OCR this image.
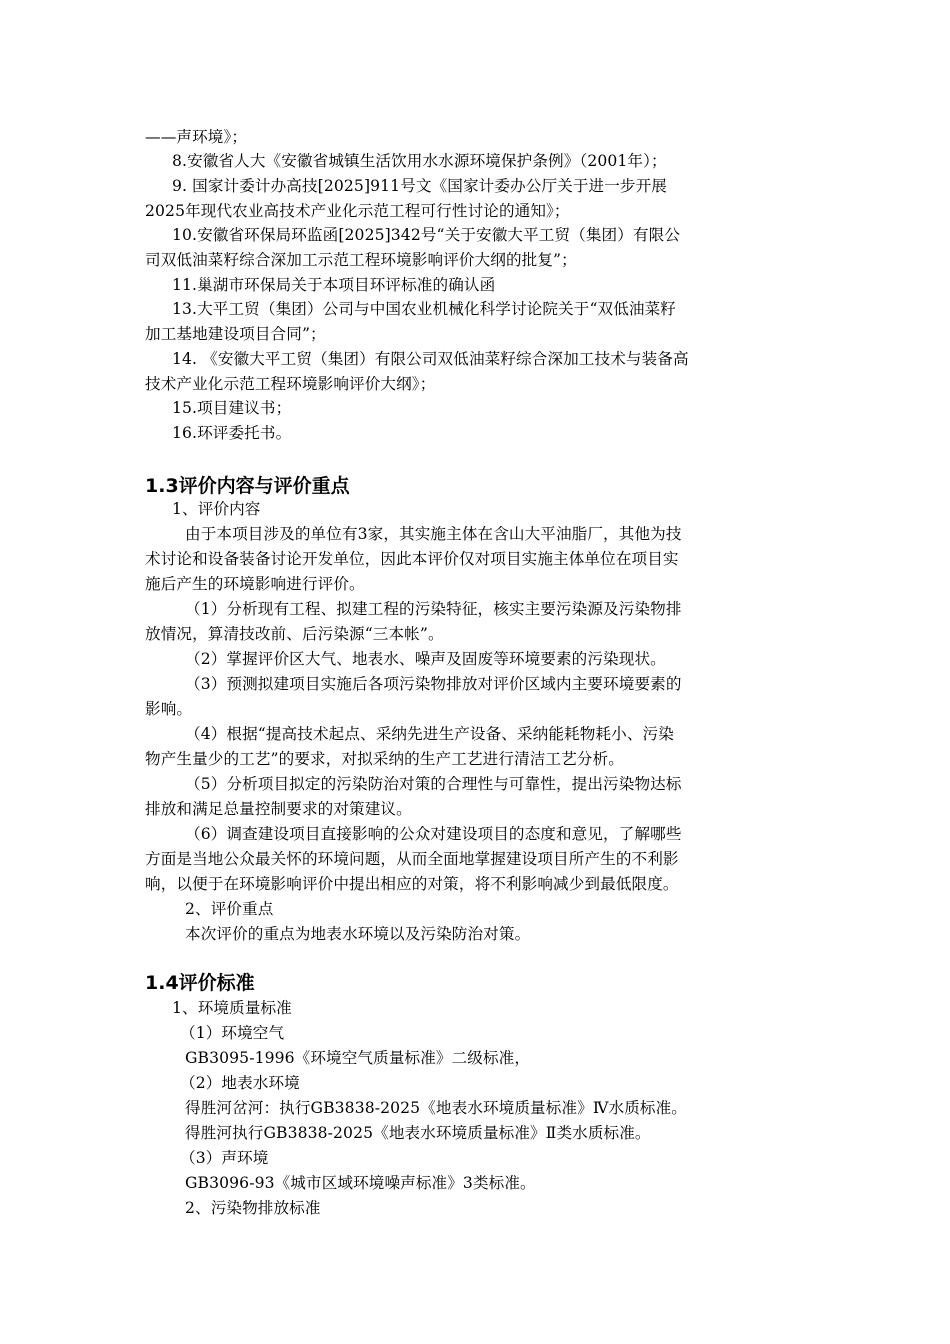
——声环境》；
8.安徽省人大《安徽省城镇生活饮用水水源环境保护条例》（2001年）；
9. 国家计委计办高技[2025]911号文《国家计委办公厅关于进一步开展
2025年现代农业高技术产业化示范工程可行性讨论的通知》；
10.安徽省环保局环监函[2025]342号“关于安徽大平工贸（集团）有限公
司双低油菜籽综合深加工示范工程环境影响评价大纲的批复”；
11.巢湖市环保局关于本项目环评标准的确认函
13.大平工贸（集团）公司与中国农业机械化科学讨论院关于“双低油菜籽
加工基地建设项目合同”；
14. 《安徽大平工贸（集团）有限公司双低油菜籽综合深加工技术与装备高
技术产业化示范工程环境影响评价大纲》；
15.项目建议书；
16.环评委托书。
1.3评价内容与评价重点
1、评价内容
由于本项目涉及的单位有3家，其实施主体在含山大平油脂厂，其他为技
术讨论和设备装备讨论开发单位，因此本评价仅对项目实施主体单位在项目实
施后产生的环境影响进行评价。
（1）分析现有工程、拟建工程的污染特征，核实主要污染源及污染物排
放情况，算清技改前、后污染源“三本帐”。
（2）掌握评价区大气、地表水、噪声及固废等环境要素的污染现状。
（3）预测拟建项目实施后各项污染物排放对评价区域内主要环境要素的
影响。
（4）根据“提高技术起点、采纳先进生产设备、采纳能耗物耗小、污染
物产生量少的工艺”的要求，对拟采纳的生产工艺进行清洁工艺分析。
（5）分析项目拟定的污染防治对策的合理性与可靠性，提出污染物达标
排放和满足总量控制要求的对策建议。
（6）调查建设项目直接影响的公众对建设项目的态度和意见，了解哪些
方面是当地公众最关怀的环境问题，从而全面地掌握建设项目所产生的不利影
响，以便于在环境影响评价中提出相应的对策，将不利影响减少到最低限度。
2、评价重点
本次评价的重点为地表水环境以及污染防治对策。
1.4评价标准
1、环境质量标准
（1）环境空气
GB3095-1996《环境空气质量标准》二级标准，
（2）地表水环境
得胜河岔河：执行GB3838-2025《地表水环境质量标准》Ⅳ水质标准。
得胜河执行GB3838-2025《地表水环境质量标准》Ⅱ类水质标准。
（3）声环境
GB3096-93《城市区域环境噪声标准》3类标准。
2、污染物排放标准
